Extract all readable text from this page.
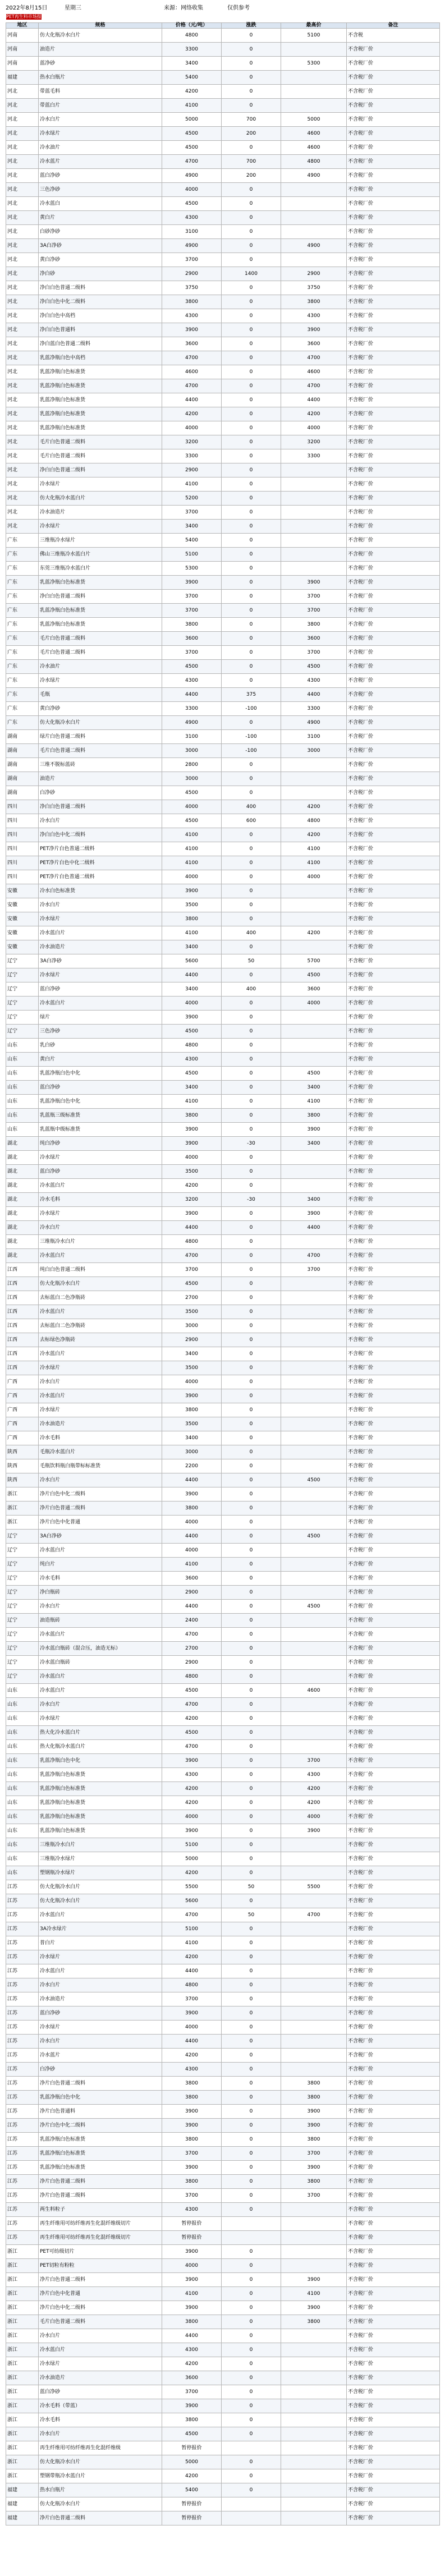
2022年8月15日	星期三	来源：网络收集	仅供参考
PET再生料市场报价
地区	规格	价格（元/吨）	涨跌	最高价	备注
河南	仿大化瓶冷水白片	4800	0	5100	不含税
河南	油造片	3300	0		不含税厂价
河南	蓝净砂	3400	0	5300	不含税厂价
福建	热水白瓶片	5400	0		不含税厂价
河北	带蓝毛料	4200	0		不含税厂价
河北	带蓝白片	4100	0		不含税厂价
河北	冷水白片	5000	700	5000	不含税厂价
河北	冷水绿片	4500	200	4600	不含税厂价
河北	冷水油片	4500	0	4600	不含税厂价
河北	冷水蓝片	4700	700	4800	不含税厂价
河北	蓝白净砂	4900	200	4900	不含税厂价
河北	三色净砂	4000	0		不含税厂价
河北	冷水蓝白	4500	0		不含税厂价
河北	黄白片	4300	0		不含税厂价
河北	白砂净砂	3100	0		不含税厂价
河北	3A白净砂	4900	0	4900	不含税厂价
河北	黄白净砂	3700	0		不含税厂价
河北	净白砂	2900	1400	2900	不含税厂价
河北	净白白色普通二级料	3750	0	3750	不含税厂价
河北	净白白色中化二级料	3800	0	3800	不含税厂价
河北	净白白色中高档	4300	0	4300	不含税厂价
河北	净白白色普通料	3900	0	3900	不含税厂价
河北	净白蓝白色普通二级料	3600	0	3600	不含税厂价
河北	乳蓝净瓶白色中高档	4700	0	4700	不含税厂价
河北	乳蓝净瓶白色标准货	4600	0	4600	不含税厂价
河北	乳蓝净瓶白色标准货	4700	0	4700	不含税厂价
河北	乳蓝净瓶白色标准货	4400	0	4400	不含税厂价
河北	乳蓝净瓶白色标准货	4200	0	4200	不含税厂价
河北	乳蓝净瓶白色标准货	4000	0	4000	不含税厂价
河北	毛片白色普通二级料	3200	0	3200	不含税厂价
河北	毛片白色普通二级料	3300	0	3300	不含税厂价
河北	净白白色普通二级料	2900	0		不含税厂价
河北	冷水绿片	4100	0		不含税厂价
河北	仿大化瓶冷水蓝白片	5200	0		不含税厂价
河北	冷水油造片	3700	0		不含税厂价
河北	冷水绿片	3400	0		不含税厂价
广东	三维瓶冷水绿片	5400	0		不含税厂价
广东	佛山三维瓶冷水蓝白片	5100	0		不含税厂价
广东	东莞三维瓶冷水蓝白片	5300	0		不含税厂价
广东	乳蓝净瓶白色标准货	3900	0	3900	不含税厂价
广东	净白白色普通二级料	3700	0	3700	不含税厂价
广东	乳蓝净瓶白色标准货	3700	0	3700	不含税厂价
广东	乳蓝净瓶白色标准货	3800	0	3800	不含税厂价
广东	毛片白色普通二级料	3600	0	3600	不含税厂价
广东	毛片白色普通二级料	3700	0	3700	不含税厂价
广东	冷水油片	4500	0	4500	不含税厂价
广东	冷水绿片	4300	0	4300	不含税厂价
广东	毛瓶	4400	375	4400	不含税厂价
广东	黄白净砂	3300	-100	3300	不含税厂价
广东	仿大化瓶冷水白片	4900	0	4900	不含税厂价
湖南	绿片白色普通二级料	3100	-100	3100	不含税厂价
湖南	毛片白色普通二级料	3000	-100	3000	不含税厂价
湖南	三维不脱标蓝砖	2800	0		不含税厂价
湖南	油造片	3000	0		不含税厂价
湖南	白净砂	4500	0		不含税厂价
四川	净白白色普通二级料	4000	400	4200	不含税厂价
四川	冷水白片	4500	600	4800	不含税厂价
四川	净白白色中化二级料	4100	0	4200	不含税厂价
四川	PET净片白色普通二级料	4100	0	4100	不含税厂价
四川	PET净片白色中化二级料	4100	0	4100	不含税厂价
四川	PET净片白色普通二级料	4000	0	4000	不含税厂价
安徽	冷水白色标准货	3900	0		不含税厂价
安徽	冷水白片	3500	0		不含税厂价
安徽	冷水绿片	3800	0		不含税厂价
安徽	冷水蓝白片	4100	400	4200	不含税厂价
安徽	冷水油造片	3400	0		不含税厂价
辽宁	3A白净砂	5600	50	5700	不含税厂价
辽宁	冷水绿片	4400	0	4500	不含税厂价
辽宁	蓝白净砂	3400	400	3600	不含税厂价
辽宁	冷水蓝白片	4000	0	4000	不含税厂价
辽宁	绿片	3900	0		不含税厂价
辽宁	三色净砂	4500	0		不含税厂价
山东	乳白砂	4800	0		不含税厂价
山东	黄白片	4300	0		不含税厂价
山东	乳蓝净瓶白色中化	4500	0	4500	不含税厂价
山东	蓝白净砂	3400	0	3400	不含税厂价
山东	乳蓝净瓶白色中化	4100	0	4100	不含税厂价
山东	乳蓝瓶三级标准货	3800	0	3800	不含税厂价
山东	乳蓝瓶中级标准货	3900	0	3900	不含税厂价
湖北	纯白净砂	3900	-30	3400	不含税厂价
湖北	冷水绿片	4000	0		不含税厂价
湖北	蓝白净砂	3500	0		不含税厂价
湖北	冷水蓝白片	4200	0		不含税厂价
湖北	冷水毛料	3200	-30	3400	不含税厂价
湖北	冷水绿片	3900	0	3900	不含税厂价
湖北	冷水白片	4400	0	4400	不含税厂价
湖北	三维瓶冷水白片	4800	0		不含税厂价
湖北	冷水蓝白片	4700	0	4700	不含税厂价
江西	纯白白色普通二级料	3700	0	3700	不含税厂价
江西	仿大化瓶冷水白片	4500	0		不含税厂价
江西	去标蓝白二色净瓶砖	2700	0		不含税厂价
江西	冷水蓝白片	3500	0		不含税厂价
江西	去标蓝白二色净瓶砖	3000	0		不含税厂价
江西	去标绿色净瓶砖	2900	0		不含税厂价
江西	冷水蓝白片	3400	0		不含税厂价
江西	冷水绿片	3500	0		不含税厂价
广西	冷水白片	4000	0		不含税厂价
广西	冷水蓝白片	3900	0		不含税厂价
广西	冷水绿片	3800	0		不含税厂价
广西	冷水油造片	3500	0		不含税厂价
广西	冷水毛料	3400	0		不含税厂价
陕西	毛瓶冷水蓝白片	3000	0		不含税厂价
陕西	毛瓶饮料瓶白瓶带标标准货	2200	0		不含税厂价
陕西	冷水白片	4400	0	4500	不含税厂价
浙江	净片白色中化二级料	3900	0		不含税厂价
浙江	净片白色普通二级料	3800	0		不含税厂价
浙江	净片白色中化普通	4000	0		不含税厂价
辽宁	3A白净砂	4400	0	4500	不含税厂价
辽宁	冷水蓝白片	4000	0		不含税厂价
辽宁	纯白片	4100	0		不含税厂价
辽宁	冷水毛料	3600	0		不含税厂价
辽宁	净白瓶砖	2900	0		不含税厂价
辽宁	冷水白片	4400	0	4500	不含税厂价
辽宁	油造瓶砖	2400	0		不含税厂价
辽宁	冷水蓝白片	4700	0		不含税厂价
辽宁	冷水蓝白瓶砖（混合压，油造无标）	2700	0		不含税厂价
辽宁	冷水蓝白瓶砖	2900	0		不含税厂价
辽宁	冷水蓝白片	4800	0		不含税厂价
山东	冷水蓝白片	4500	0	4600	不含税厂价
山东	冷水白片	4700	0		不含税厂价
山东	冷水绿片	4200	0		不含税厂价
山东	热大化冷水蓝白片	4500	0		不含税厂价
山东	热大化瓶冷水蓝白片	4700	0		不含税厂价
山东	乳蓝净瓶白色中化	3900	0	3700	不含税厂价
山东	乳蓝净瓶白色标准货	4300	0	4300	不含税厂价
山东	乳蓝净瓶白色标准货	4200	0	4200	不含税厂价
山东	乳蓝净瓶白色标准货	4200	0	4200	不含税厂价
山东	乳蓝净瓶白色标准货	4000	0	4000	不含税厂价
山东	乳蓝净瓶白色标准货	3900	0	3900	不含税厂价
山东	三维瓶冷水白片	5100	0		不含税厂价
山东	三维瓶冷水绿片	5000	0		不含税厂价
山东	塑钢瓶冷水绿片	4200	0		不含税厂价
江苏	仿大化瓶冷水白片	5500	50	5500	不含税厂价
江苏	仿大化瓶冷水白片	5600	0		不含税厂价
江苏	冷水蓝白片	4700	50	4700	不含税厂价
江苏	3A冷水绿片	5100	0		不含税厂价
江苏	普白片	4100	0		不含税厂价
江苏	冷水绿片	4200	0		不含税厂价
江苏	冷水蓝白片	4400	0		不含税厂价
江苏	冷水白片	4800	0		不含税厂价
江苏	冷水油造片	3700	0		不含税厂价
江苏	蓝白净砂	3900	0		不含税厂价
江苏	冷水绿片	4000	0		不含税厂价
江苏	冷水白片	4400	0		不含税厂价
江苏	冷水蓝片	4200	0		不含税厂价
江苏	白净砂	4300	0		不含税厂价
江苏	净片白色普通二级料	3800	0	3800	不含税厂价
江苏	乳蓝净瓶白色中化	3800	0	3800	不含税厂价
江苏	净片白色普通料	3900	0	3900	不含税厂价
江苏	净片白色中化二级料	3900	0	3900	不含税厂价
江苏	乳蓝净瓶白色标准货	3800	0	3800	不含税厂价
江苏	乳蓝净瓶白色标准货	3700	0	3700	不含税厂价
江苏	乳蓝净瓶白色标准货	3900	0	3900	不含税厂价
江苏	净片白色普通二级料	3800	0	3800	不含税厂价
江苏	净片白色普通二级料	3700	0	3700	不含税厂价
江苏	两生料粒子	4300	0		不含税厂价
江苏	再生纤维用可纺纤维再生化混纤维级切片	暂停报价			不含税厂价
江苏	再生纤维用可纺纤维再生化混纤维级切片	暂停报价			不含税厂价
浙江	PET可纺级切片	3900	0		不含税厂价
浙江	PET切粒有粉粒	4000	0		不含税厂价
浙江	净片白色普通二级料	3900	0	3900	不含税厂价
浙江	净片白色中化普通	4100	0	4100	不含税厂价
浙江	净片白色中化二级料	3900	0	3900	不含税厂价
浙江	毛片白色普通二级料	3800	0	3800	不含税厂价
浙江	冷水白片	4400	0		不含税厂价
浙江	冷水蓝白片	4300	0		不含税厂价
浙江	冷水绿片	4200	0		不含税厂价
浙江	冷水油造片	3600	0		不含税厂价
浙江	蓝白净砂	3700	0		不含税厂价
浙江	冷水毛料（带蓝）	3900	0		不含税厂价
浙江	冷水毛料	3800	0		不含税厂价
浙江	冷水白片	4500	0		不含税厂价
浙江	再生纤维用可纺纤维再生化混纤维级	暂停报价			不含税厂价
浙江	仿大化瓶冷水白片	5000	0		不含税厂价
浙江	塑钢带瓶冷水蓝白片	4200	0		不含税厂价
福建	热水白瓶片	5400	0		不含税厂价
福建	仿大化瓶冷水白片	暂停报价			不含税厂价
福建	净片白色普通二级料	暂停报价			不含税厂价
